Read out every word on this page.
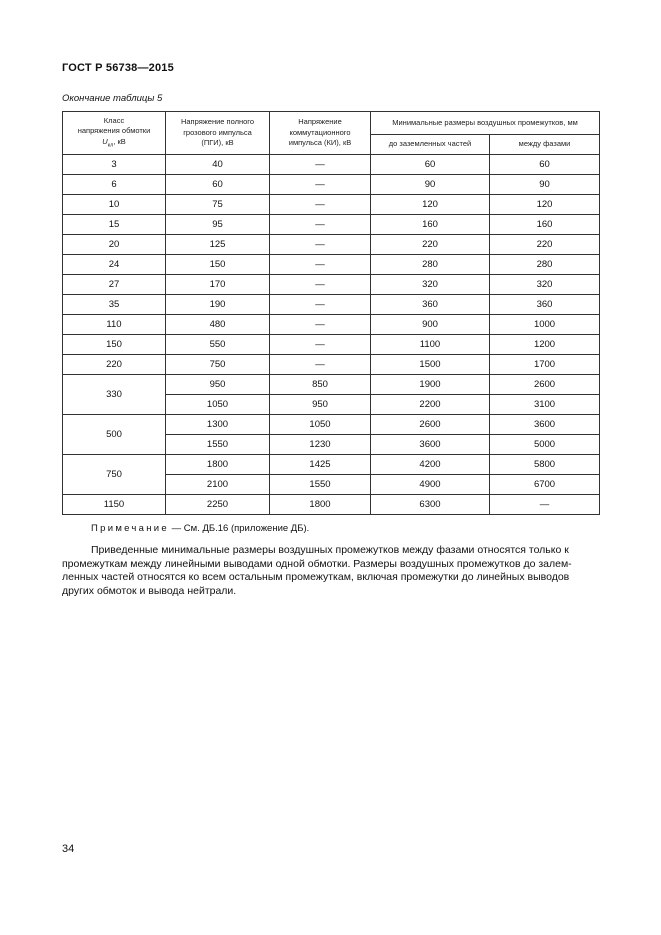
ГОСТ Р 56738—2015
Окончание таблицы 5
Класс
напряжения обмотки
$U_{кл}$, кВ	Напряжение полного
грозового импульса
(ПГИ), кВ	Напряжение
коммутационного
импульса (КИ), кВ	Минимальные размеры воздушных промежутков, мм	
			до заземленных частей	между фазами
3	40	—	60	60
6	60	—	90	90
10	75	—	120	120
15	95	—	160	160
20	125	—	220	220
24	150	—	280	280
27	170	—	320	320
35	190	—	360	360
110	480	—	900	1000
150	550	—	1100	1200
220	750	—	1500	1700
330	950	850	1900	2600
	1050	950	2200	3100
500	1300	1050	2600	3600
	1550	1230	3600	5000
750	1800	1425	4200	5800
	2100	1550	4900	6700
1150	2250	1800	6300	—
Примечание — См. ДБ.16 (приложение ДБ).
Приведенные минимальные размеры воздушных промежутков между фазами относятся только к
промежуткам между линейными выводами одной обмотки. Размеры воздушных промежутков до залем-
ленных частей относятся ко всем остальным промежуткам, включая промежутки до линейных выводов
других обмоток и вывода нейтрали.
34
